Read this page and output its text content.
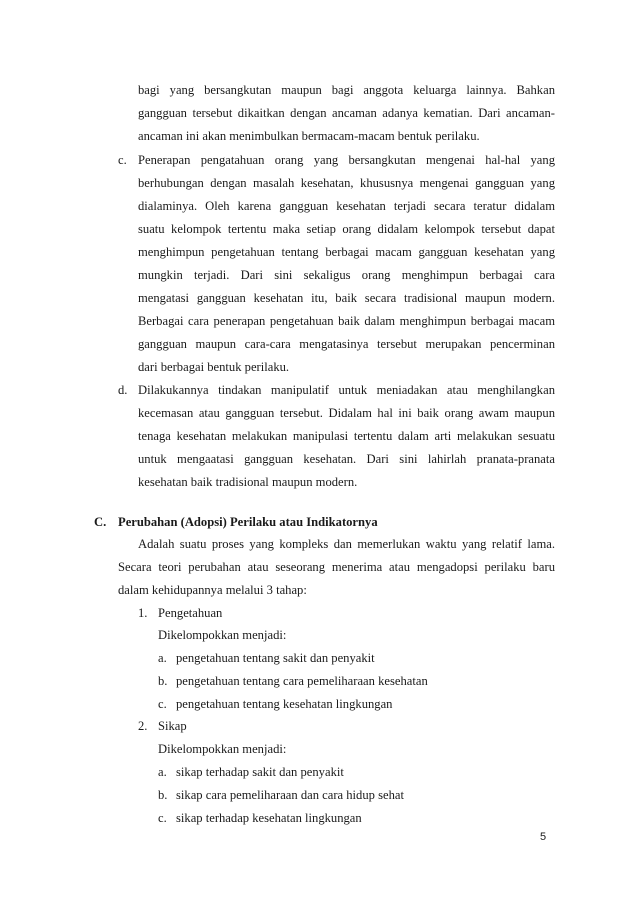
bagi yang bersangkutan maupun bagi anggota keluarga lainnya. Bahkan
gangguan tersebut dikaitkan dengan ancaman adanya kematian. Dari ancaman-
ancaman ini akan menimbulkan bermacam-macam bentuk perilaku.
c. Penerapan pengatahuan orang yang bersangkutan mengenai hal-hal yang
berhubungan dengan masalah kesehatan, khususnya mengenai gangguan yang
dialaminya. Oleh karena gangguan kesehatan terjadi secara teratur didalam
suatu kelompok tertentu maka setiap orang didalam kelompok tersebut dapat
menghimpun pengetahuan tentang berbagai macam gangguan kesehatan yang
mungkin terjadi. Dari sini sekaligus orang menghimpun berbagai cara
mengatasi gangguan kesehatan itu, baik secara tradisional maupun modern.
Berbagai cara penerapan pengetahuan baik dalam menghimpun berbagai macam
gangguan maupun cara-cara mengatasinya tersebut merupakan pencerminan
dari berbagai bentuk perilaku.
d. Dilakukannya tindakan manipulatif untuk meniadakan atau menghilangkan
kecemasan atau gangguan tersebut. Didalam hal ini baik orang awam maupun
tenaga kesehatan melakukan manipulasi tertentu dalam arti melakukan sesuatu
untuk mengaatasi gangguan kesehatan. Dari sini lahirlah pranata-pranata
kesehatan baik tradisional maupun modern.
C. Perubahan (Adopsi) Perilaku atau Indikatornya
Adalah suatu proses yang kompleks dan memerlukan waktu yang relatif lama.
Secara teori perubahan atau seseorang menerima atau mengadopsi perilaku baru
dalam kehidupannya melalui 3 tahap:
1. Pengetahuan
Dikelompokkan menjadi:
a. pengetahuan tentang sakit dan penyakit
b. pengetahuan tentang cara pemeliharaan kesehatan
c. pengetahuan tentang kesehatan lingkungan
2. Sikap
Dikelompokkan menjadi:
a. sikap terhadap sakit dan penyakit
b. sikap cara pemeliharaan dan cara hidup sehat
c. sikap terhadap kesehatan lingkungan
5
